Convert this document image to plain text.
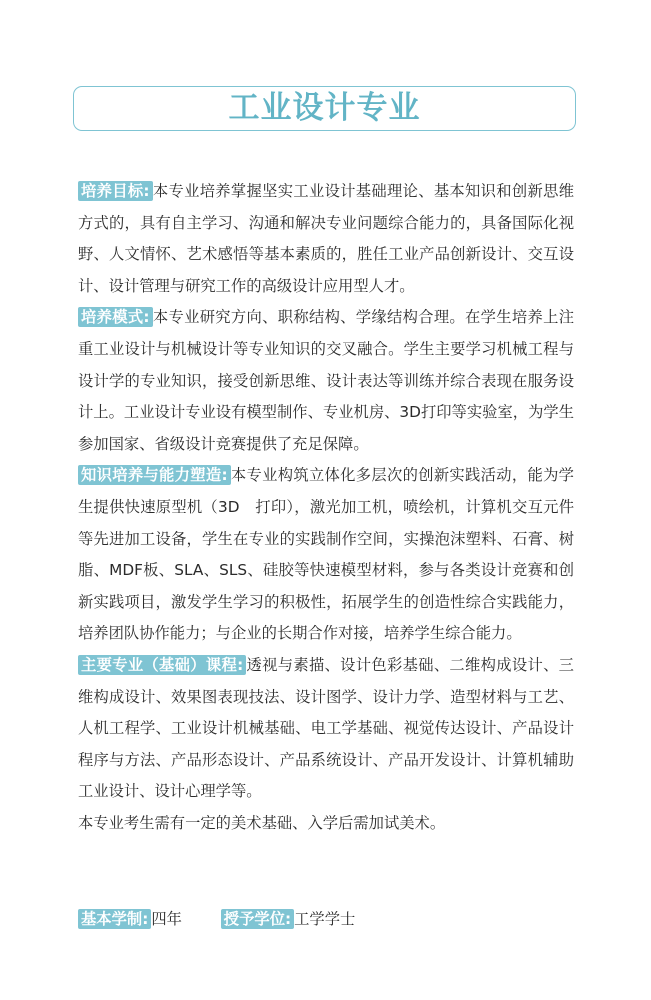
工业设计专业

培养目标: 本专业培养掌握坚实工业设计基础理论、基本知识和创新思维方式的，具有自主学习、沟通和解决专业问题综合能力的，具备国际化视野、人文情怀、艺术感悟等基本素质的，胜任工业产品创新设计、交互设计、设计管理与研究工作的高级设计应用型人才。

培养模式: 本专业研究方向、职称结构、学缘结构合理。在学生培养上注重工业设计与机械设计等专业知识的交叉融合。学生主要学习机械工程与设计学的专业知识，接受创新思维、设计表达等训练并综合表现在服务设计上。工业设计专业设有模型制作、专业机房、3D打印等实验室，为学生参加国家、省级设计竞赛提供了充足保障。

知识培养与能力塑造: 本专业构筑立体化多层次的创新实践活动，能为学生提供快速原型机（3D　打印），激光加工机，喷绘机，计算机交互元件等先进加工设备，学生在专业的实践制作空间，实操泡沫塑料、石膏、树脂、MDF板、SLA、SLS、硅胶等快速模型材料，参与各类设计竞赛和创新实践项目，激发学生学习的积极性，拓展学生的创造性综合实践能力，培养团队协作能力；与企业的长期合作对接，培养学生综合能力。

主要专业（基础）课程: 透视与素描、设计色彩基础、二维构成设计、三维构成设计、效果图表现技法、设计图学、设计力学、造型材料与工艺、人机工程学、工业设计机械基础、电工学基础、视觉传达设计、产品设计程序与方法、产品形态设计、产品系统设计、产品开发设计、计算机辅助工业设计、设计心理学等。

本专业考生需有一定的美术基础、入学后需加试美术。

基本学制: 四年	授予学位: 工学学士
